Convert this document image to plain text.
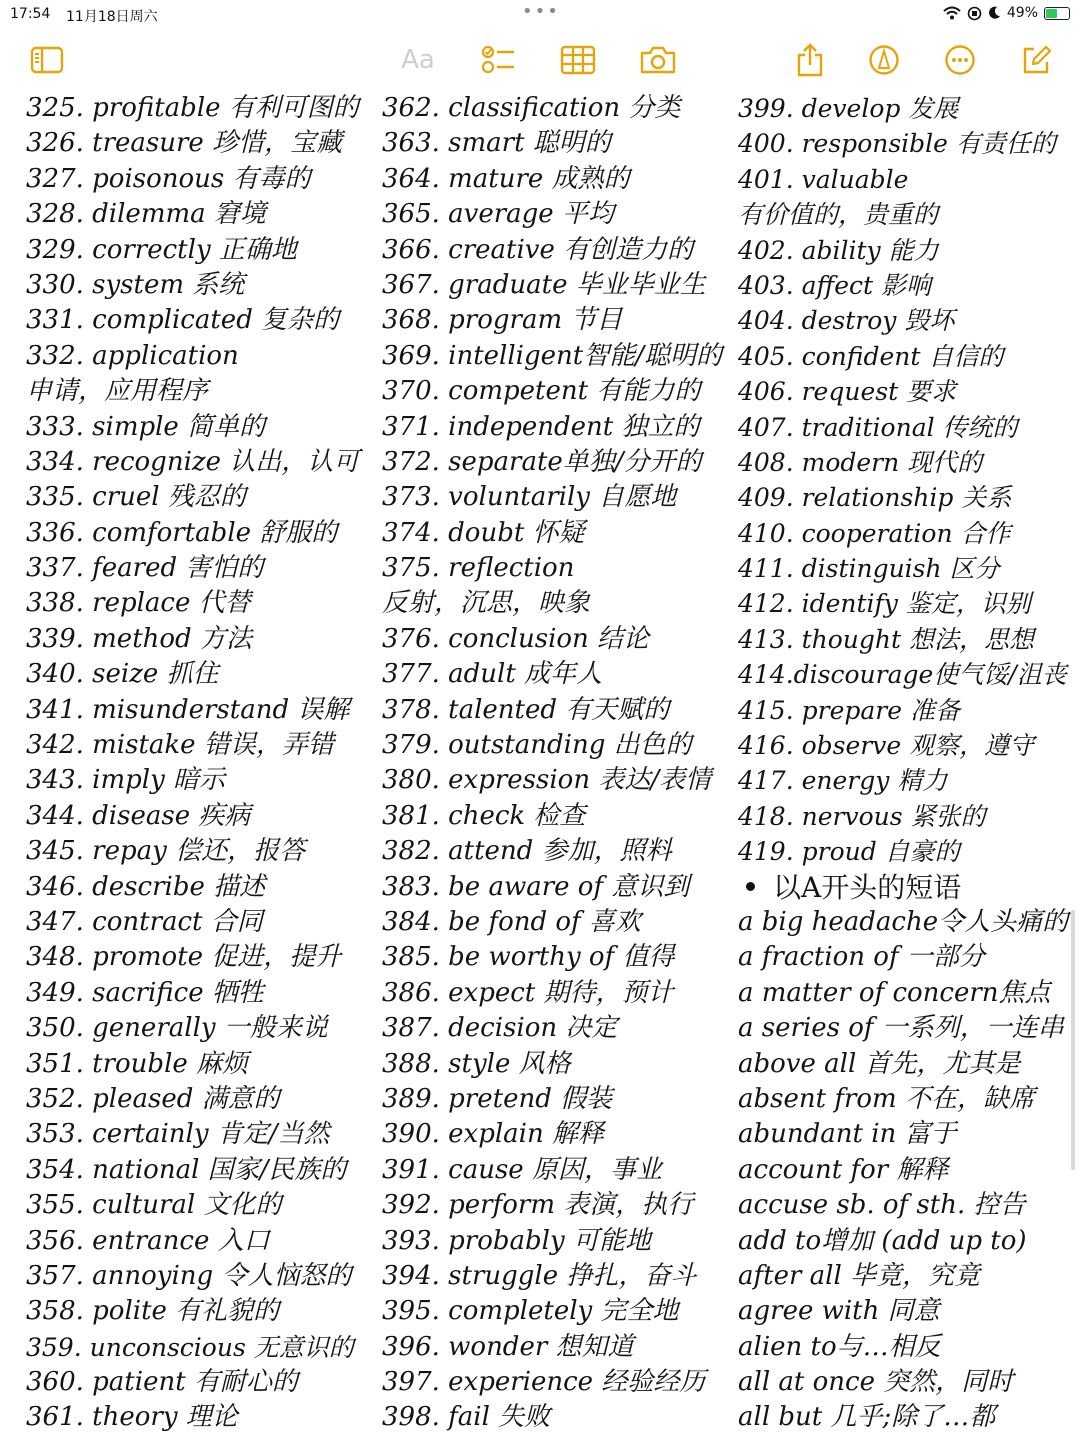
17:54 11月18日周六	•••	49%
Aa
325. profitable 有利可图的
326. treasure 珍惜，宝藏
327. poisonous 有毒的
328. dilemma 窘境
329. correctly 正确地
330. system 系统
331. complicated 复杂的
332. application
申请，应用程序
333. simple 简单的
334. recognize 认出，认可
335. cruel 残忍的
336. comfortable 舒服的
337. feared 害怕的
338. replace 代替
339. method 方法
340. seize 抓住
341. misunderstand 误解
342. mistake 错误，弄错
343. imply 暗示
344. disease 疾病
345. repay 偿还，报答
346. describe 描述
347. contract 合同
348. promote 促进，提升
349. sacrifice 牺牲
350. generally 一般来说
351. trouble 麻烦
352. pleased 满意的
353. certainly 肯定/当然
354. national 国家/民族的
355. cultural 文化的
356. entrance 入口
357. annoying 令人恼怒的
358. polite 有礼貌的
359. unconscious 无意识的
360. patient 有耐心的
361. theory 理论
362. classification 分类
363. smart 聪明的
364. mature 成熟的
365. average 平均
366. creative 有创造力的
367. graduate 毕业毕业生
368. program 节目
369. intelligent智能/聪明的
370. competent 有能力的
371. independent 独立的
372. separate单独/分开的
373. voluntarily 自愿地
374. doubt 怀疑
375. reflection
反射，沉思，映象
376. conclusion 结论
377. adult 成年人
378. talented 有天赋的
379. outstanding 出色的
380. expression 表达/表情
381. check 检查
382. attend 参加，照料
383. be aware of 意识到
384. be fond of 喜欢
385. be worthy of 值得
386. expect 期待，预计
387. decision 决定
388. style 风格
389. pretend 假装
390. explain 解释
391. cause 原因，事业
392. perform 表演，执行
393. probably 可能地
394. struggle 挣扎，奋斗
395. completely 完全地
396. wonder 想知道
397. experience 经验经历
398. fail 失败
399. develop 发展
400. responsible 有责任的
401. valuable
有价值的，贵重的
402. ability 能力
403. affect 影响
404. destroy 毁坏
405. confident 自信的
406. request 要求
407. traditional 传统的
408. modern 现代的
409. relationship 关系
410. cooperation 合作
411. distinguish 区分
412. identify 鉴定，识别
413. thought 想法，思想
414.discourage使气馁/沮丧
415. prepare 准备
416. observe 观察，遵守
417. energy 精力
418. nervous 紧张的
419. proud 自豪的
以A开头的短语
a big headache令人头痛的
a fraction of 一部分
a matter of concern焦点
a series of 一系列，一连串
above all 首先，尤其是
absent from 不在，缺席
abundant in 富于
account for 解释
accuse sb. of sth. 控告
add to增加 (add up to)
after all 毕竟，究竟
agree with 同意
alien to与…相反
all at once 突然，同时
all but 几乎;除了…都
